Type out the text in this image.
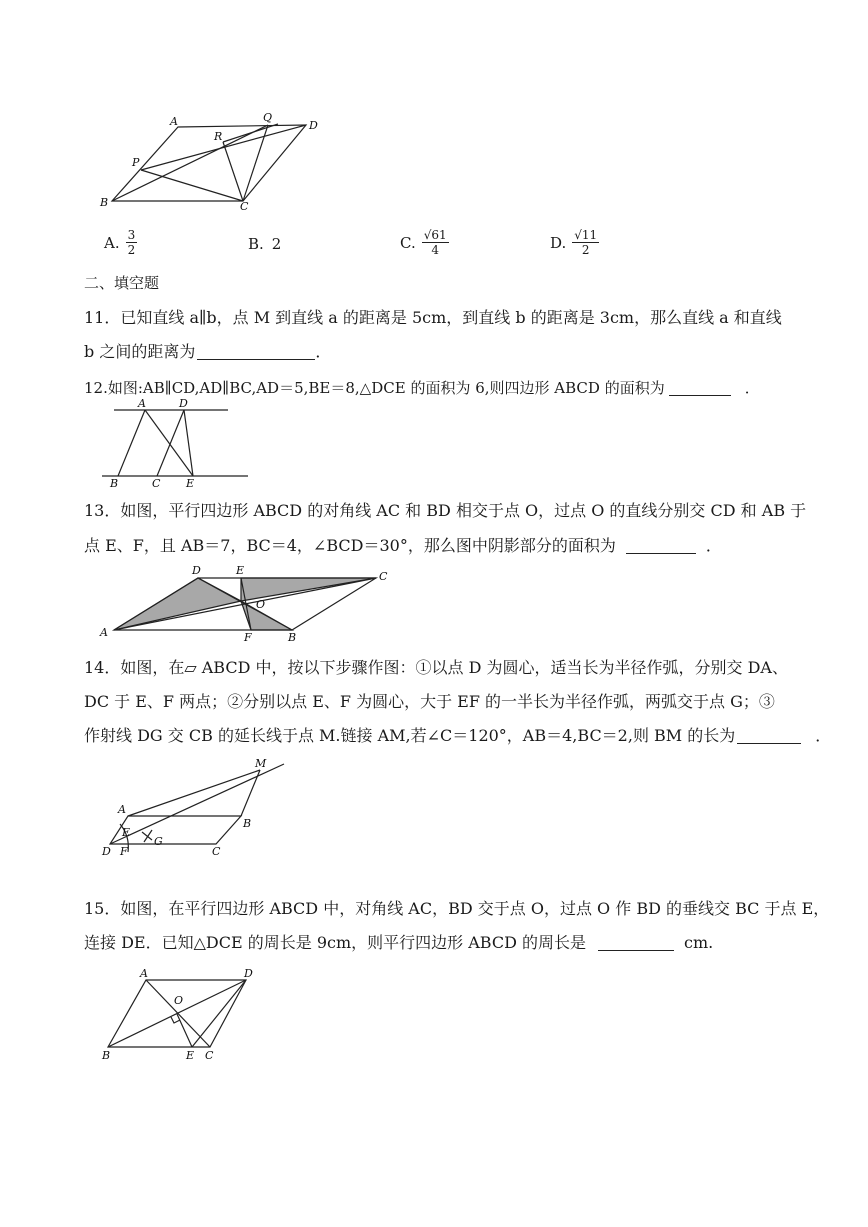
A	Q
D
R
P
B	C
A. $\frac{3}{2}$	B. 2	C. $\frac{√61}{4}$	D. $\frac{√11}{2}$
二、填空题
11．已知直线 a∥b，点 M 到直线 a 的距离是 5cm，到直线 b 的距离是 3cm，那么直线 a 和直线
b 之间的距离为	．
12.如图:AB∥CD,AD∥BC,AD＝5,BE＝8,△DCE 的面积为 6,则四边形 ABCD 的面积为	．
A	D
B	C E
13．如图，平行四边形 ABCD 的对角线 AC 和 BD 相交于点 O，过点 O 的直线分别交 CD 和 AB 于
点 E、F，且 AB＝7，BC＝4，∠BCD＝30°，那么图中阴影部分的面积为	．
D	E	C
O
A	F	B
14．如图，在▱ ABCD 中，按以下步骤作图：①以点 D 为圆心，适当长为半径作弧，分别交 DA、
DC 于 E、F 两点；②分别以点 E、F 为圆心，大于 EF 的一半长为半径作弧，两弧交于点 G；③
作射线 DG 交 CB 的延长线于点 M.链接 AM,若∠C＝120°，AB＝4,BC＝2,则 BM 的长为	．
M
A
B
E
G
D F	C
15．如图，在平行四边形 ABCD 中，对角线 AC，BD 交于点 O，过点 O 作 BD 的垂线交 BC 于点 E，
连接 DE．已知△DCE 的周长是 9cm，则平行四边形 ABCD 的周长是	cm.
A	D
O
B	E C
